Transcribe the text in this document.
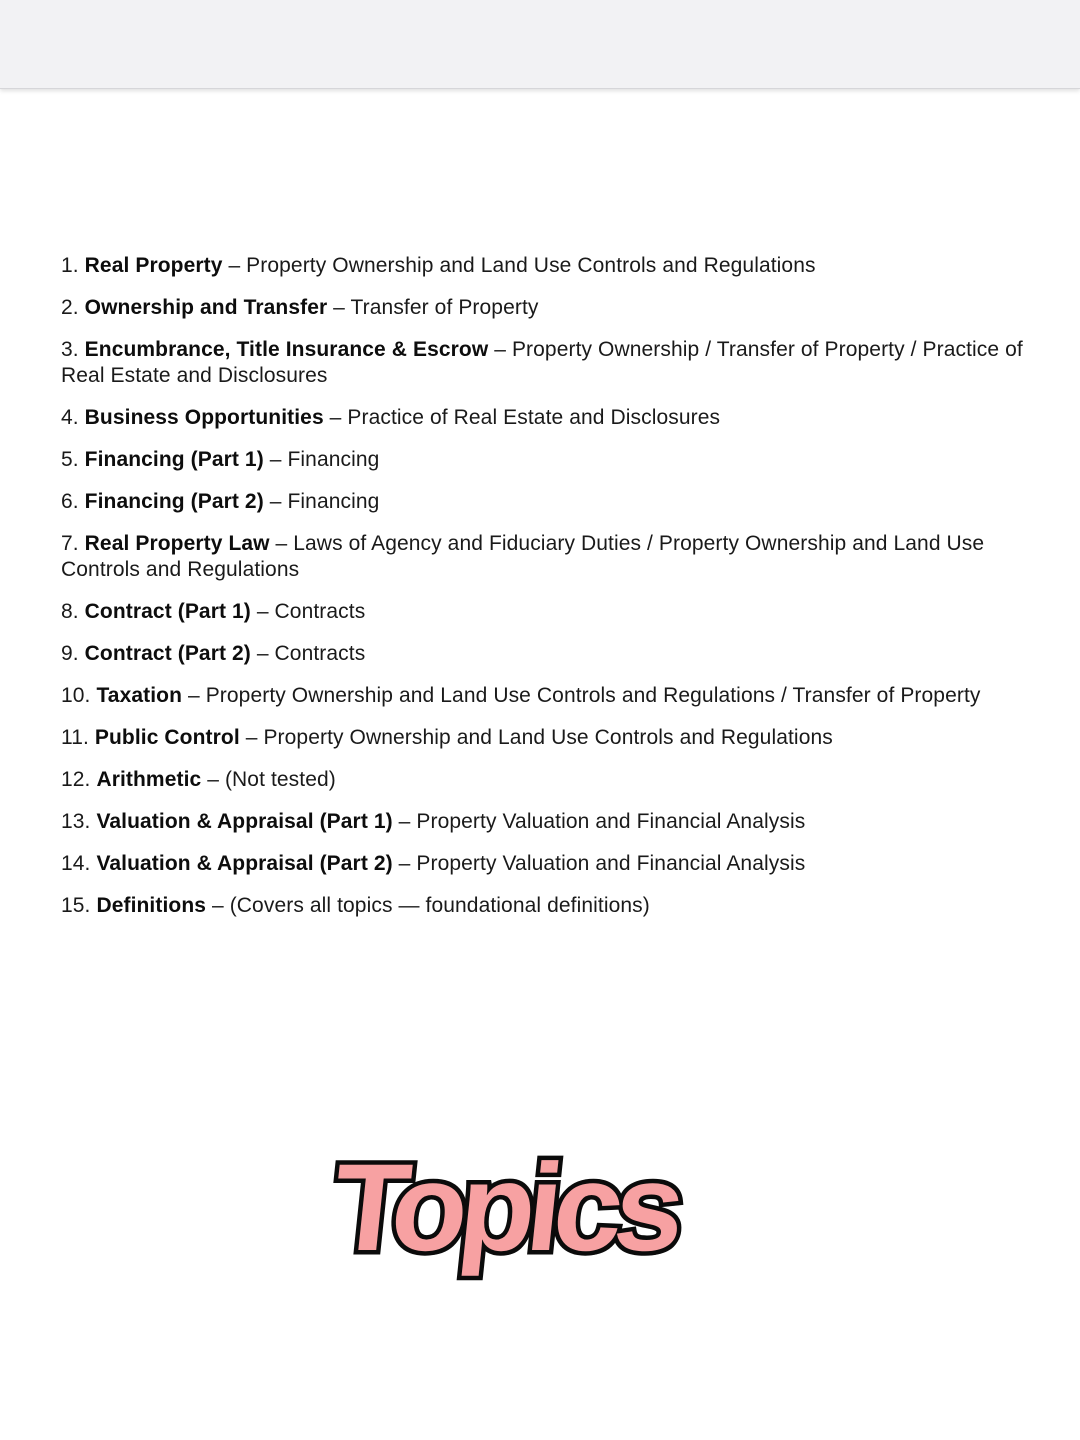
1. Real Property – Property Ownership and Land Use Controls and Regulations
2. Ownership and Transfer – Transfer of Property
3. Encumbrance, Title Insurance & Escrow – Property Ownership / Transfer of Property / Practice of Real Estate and Disclosures
4. Business Opportunities – Practice of Real Estate and Disclosures
5. Financing (Part 1) – Financing
6. Financing (Part 2) – Financing
7. Real Property Law – Laws of Agency and Fiduciary Duties / Property Ownership and Land Use Controls and Regulations
8. Contract (Part 1) – Contracts
9. Contract (Part 2) – Contracts
10. Taxation – Property Ownership and Land Use Controls and Regulations / Transfer of Property
11. Public Control – Property Ownership and Land Use Controls and Regulations
12. Arithmetic – (Not tested)
13. Valuation & Appraisal (Part 1) – Property Valuation and Financial Analysis
14. Valuation & Appraisal (Part 2) – Property Valuation and Financial Analysis
15. Definitions – (Covers all topics — foundational definitions)
Topics
